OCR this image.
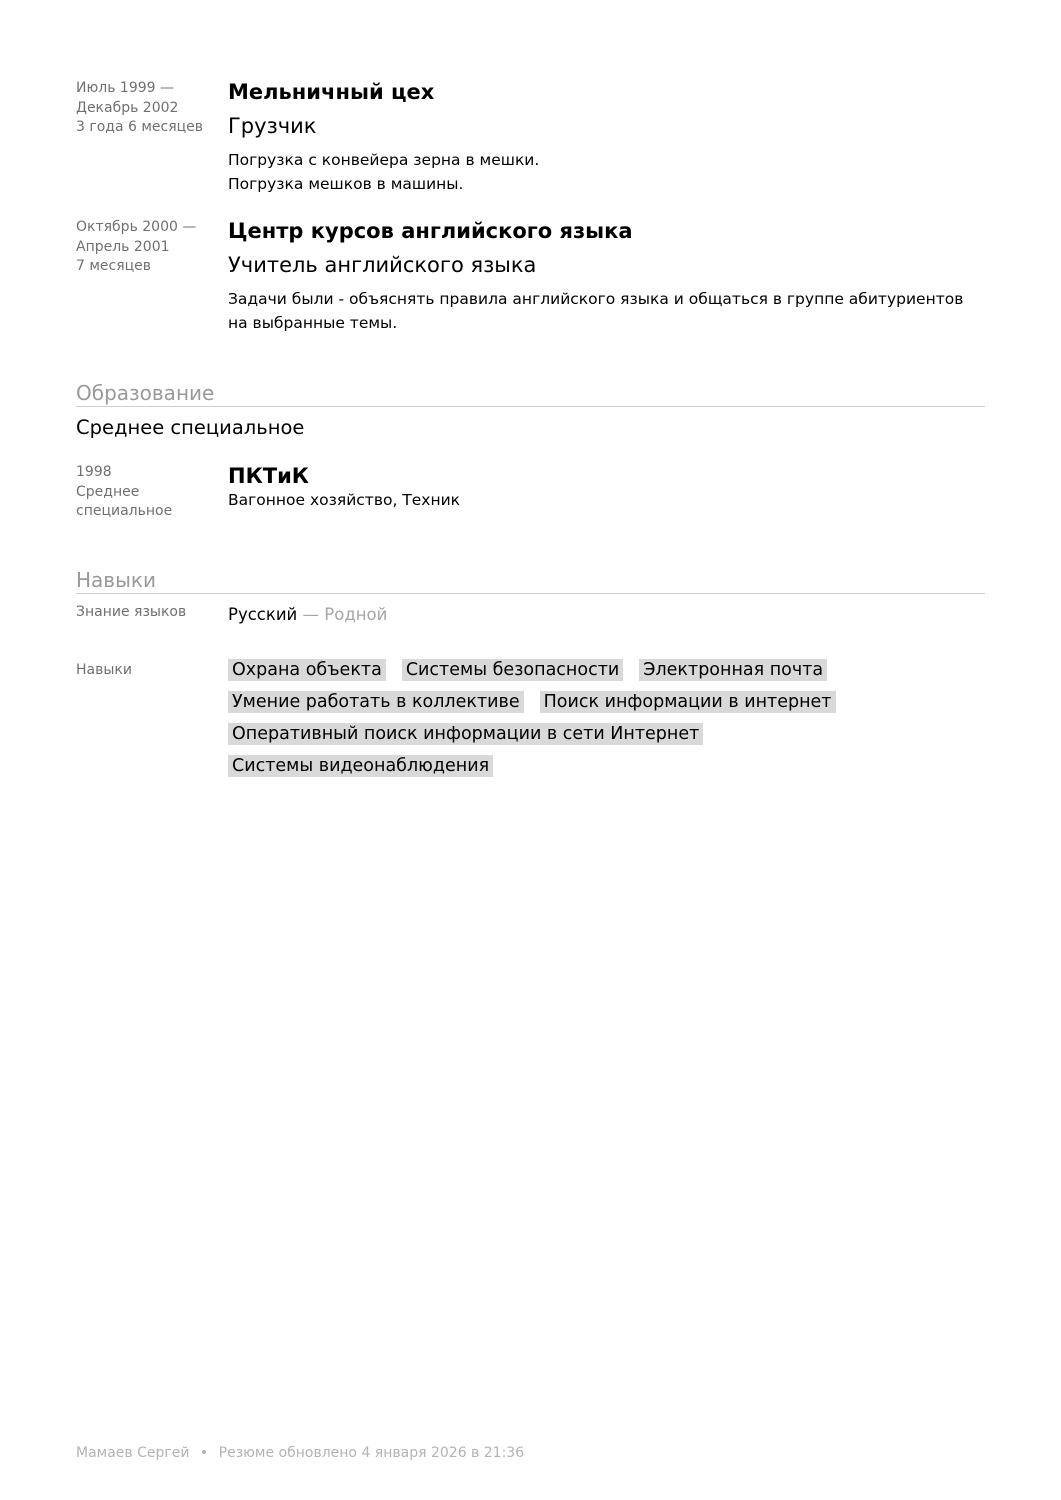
Июль 1999 —
Декабрь 2002
3 года 6 месяцев
Мельничный цех
Грузчик
Погрузка с конвейера зерна в мешки.
Погрузка мешков в машины.
Октябрь 2000 —
Апрель 2001
7 месяцев
Центр курсов английского языка
Учитель английского языка
Задачи были - объяснять правила английского языка и общаться в группе абитуриентов на выбранные темы.
Образование
Среднее специальное
1998
Среднее
специальное
ПКТиК
Вагонное хозяйство, Техник
Навыки
Знание языков	Русский — Родной
Навыки	Охрана объекта Системы безопасности Электронная почта
Умение работать в коллективе Поиск информации в интернет
Оперативный поиск информации в сети Интернет
Системы видеонаблюдения
Мамаев Сергей • Резюме обновлено 4 января 2026 в 21:36
